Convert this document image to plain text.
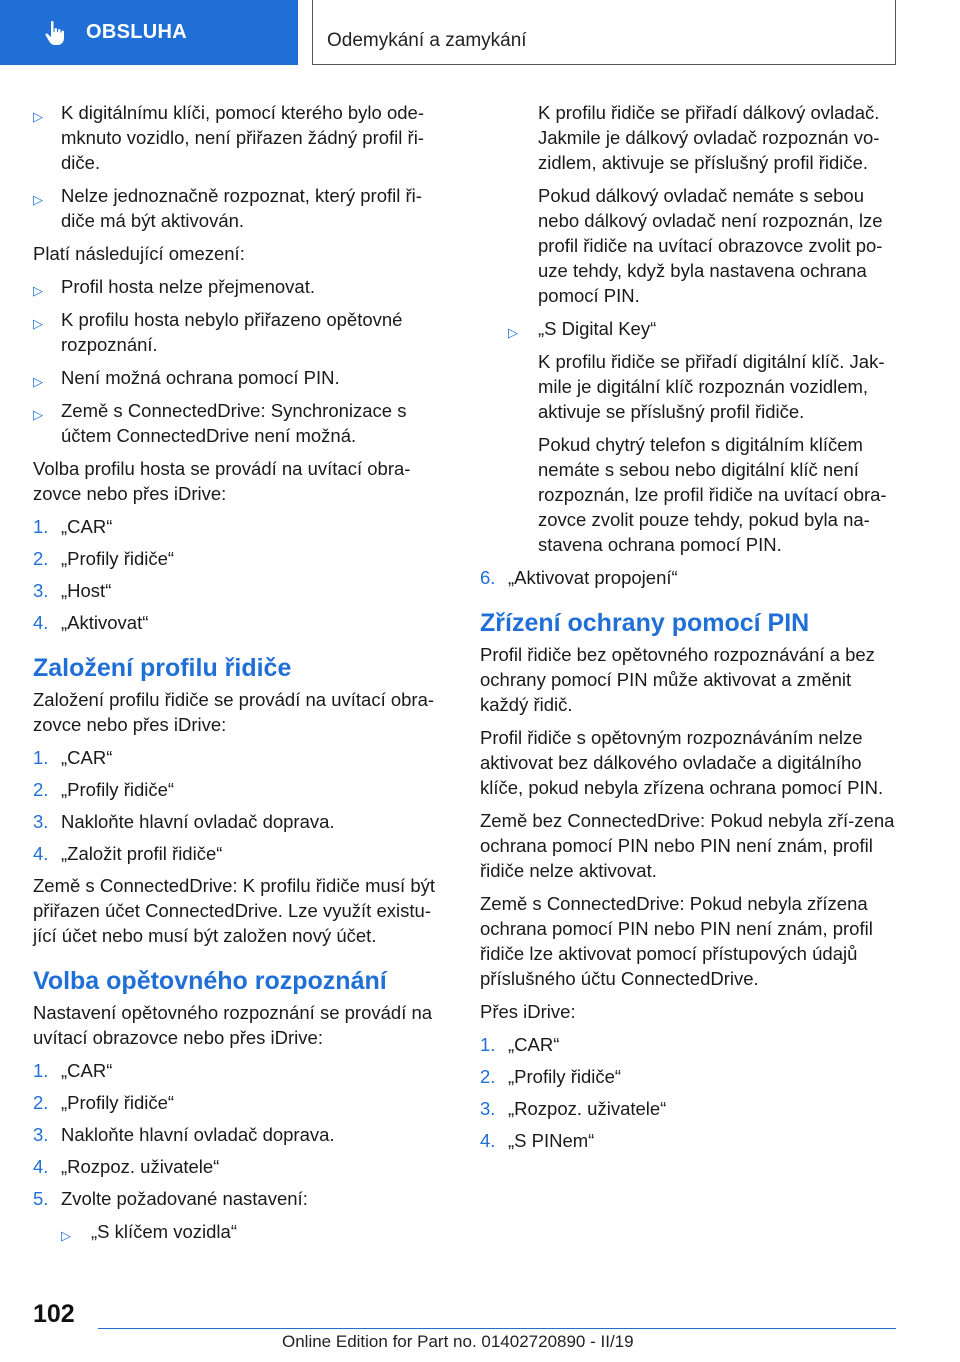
OBSLUHA	Odemykání a zamykání
▷ K digitálnímu klíči, pomocí kterého bylo ode-mknuto vozidlo, není přiřazen žádný profil ři-diče.
▷ Nelze jednoznačně rozpoznat, který profil ři-diče má být aktivován.

Platí následující omezení:

▷ Profil hosta nelze přejmenovat.
▷ K profilu hosta nebylo přiřazeno opětovné rozpoznání.
▷ Není možná ochrana pomocí PIN.
▷ Země s ConnectedDrive: Synchronizace s účtem ConnectedDrive není možná.

Volba profilu hosta se provádí na uvítací obra-zovce nebo přes iDrive:

1. „CAR“
2. „Profily řidiče“
3. „Host“
4. „Aktivovat“
Založení profilu řidiče

Založení profilu řidiče se provádí na uvítací obra-zovce nebo přes iDrive:

1. „CAR“
2. „Profily řidiče“
3. Nakloňte hlavní ovladač doprava.
4. „Založit profil řidiče“

Země s ConnectedDrive: K profilu řidiče musí být přiřazen účet ConnectedDrive. Lze využít existu-jící účet nebo musí být založen nový účet.

Volba opětovného rozpoznání

Nastavení opětovného rozpoznání se provádí na uvítací obrazovce nebo přes iDrive:

1. „CAR“
2. „Profily řidiče“
3. Nakloňte hlavní ovladač doprava.
4. „Rozpoz. uživatele“
5. Zvolte požadované nastavení:
▷ „S klíčem vozidla“

K profilu řidiče se přiřadí dálkový ovladač. Jakmile je dálkový ovladač rozpoznán vo-zidlem, aktivuje se příslušný profil řidiče.

Pokud dálkový ovladač nemáte s sebou nebo dálkový ovladač není rozpoznán, lze profil řidiče na uvítací obrazovce zvolit po-uze tehdy, když byla nastavena ochrana pomocí PIN.

▷ „S Digital Key“

K profilu řidiče se přiřadí digitální klíč. Jak-mile je digitální klíč rozpoznán vozidlem, aktivuje se příslušný profil řidiče.

Pokud chytrý telefon s digitálním klíčem nemáte s sebou nebo digitální klíč není rozpoznán, lze profil řidiče na uvítací obra-zovce zvolit pouze tehdy, pokud byla na-stavena ochrana pomocí PIN.

6. „Aktivovat propojení“
Zřízení ochrany pomocí PIN

Profil řidiče bez opětovného rozpoznávání a bez ochrany pomocí PIN může aktivovat a změnit každý řidič.

Profil řidiče s opětovným rozpoznáváním nelze aktivovat bez dálkového ovladače a digitálního klíče, pokud nebyla zřízena ochrana pomocí PIN.

Země bez ConnectedDrive: Pokud nebyla zří-zena ochrana pomocí PIN nebo PIN není znám, profil řidiče nelze aktivovat.

Země s ConnectedDrive: Pokud nebyla zřízena ochrana pomocí PIN nebo PIN není znám, profil řidiče lze aktivovat pomocí přístupových údajů příslušného účtu ConnectedDrive.

Přes iDrive:

1. „CAR“
2. „Profily řidiče“
3. „Rozpoz. uživatele“
4. „S PINem“
102
Online Edition for Part no. 01402720890 - II/19
